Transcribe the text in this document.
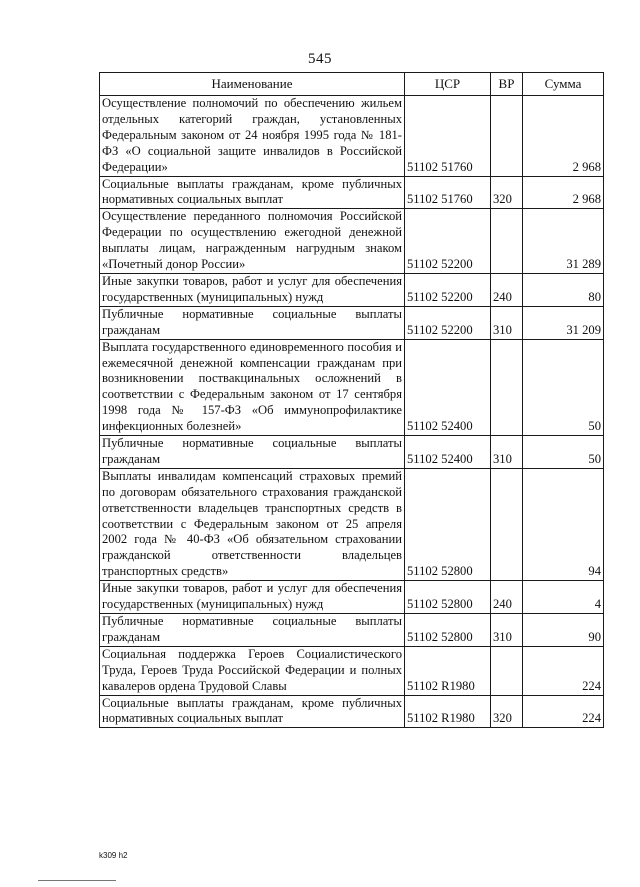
545
Наименование	ЦСР	ВР	Сумма
Осуществление полномочий по обеспечению жильем отдельных категорий граждан, установленных Федеральным законом от 24 ноября 1995 года № 181-ФЗ «О социальной защите инвалидов в Российской Федерации»	51102 51760		2 968
Социальные выплаты гражданам, кроме публичных нормативных социальных выплат	51102 51760	320	2 968
Осуществление переданного полномочия Российской Федерации по осуществлению ежегодной денежной выплаты лицам, награжденным нагрудным знаком «Почетный донор России»	51102 52200		31 289
Иные закупки товаров, работ и услуг для обеспечения государственных (муниципальных) нужд	51102 52200	240	80
Публичные нормативные социальные выплаты гражданам	51102 52200	310	31 209
Выплата государственного единовременного пособия и ежемесячной денежной компенсации гражданам при возникновении поствакцинальных осложнений в соответствии с Федеральным законом от 17 сентября 1998 года № 157-ФЗ «Об иммунопрофилактике инфекционных болезней»	51102 52400		50
Публичные нормативные социальные выплаты гражданам	51102 52400	310	50
Выплаты инвалидам компенсаций страховых премий по договорам обязательного страхования гражданской ответственности владельцев транспортных средств в соответствии с Федеральным законом от 25 апреля 2002 года № 40-ФЗ «Об обязательном страховании гражданской ответственности владельцев транспортных средств»	51102 52800		94
Иные закупки товаров, работ и услуг для обеспечения государственных (муниципальных) нужд	51102 52800	240	4
Публичные нормативные социальные выплаты гражданам	51102 52800	310	90
Социальная поддержка Героев Социалистического Труда, Героев Труда Российской Федерации и полных кавалеров ордена Трудовой Славы	51102 R1980		224
Социальные выплаты гражданам, кроме публичных нормативных социальных выплат	51102 R1980	320	224
k309 h2
